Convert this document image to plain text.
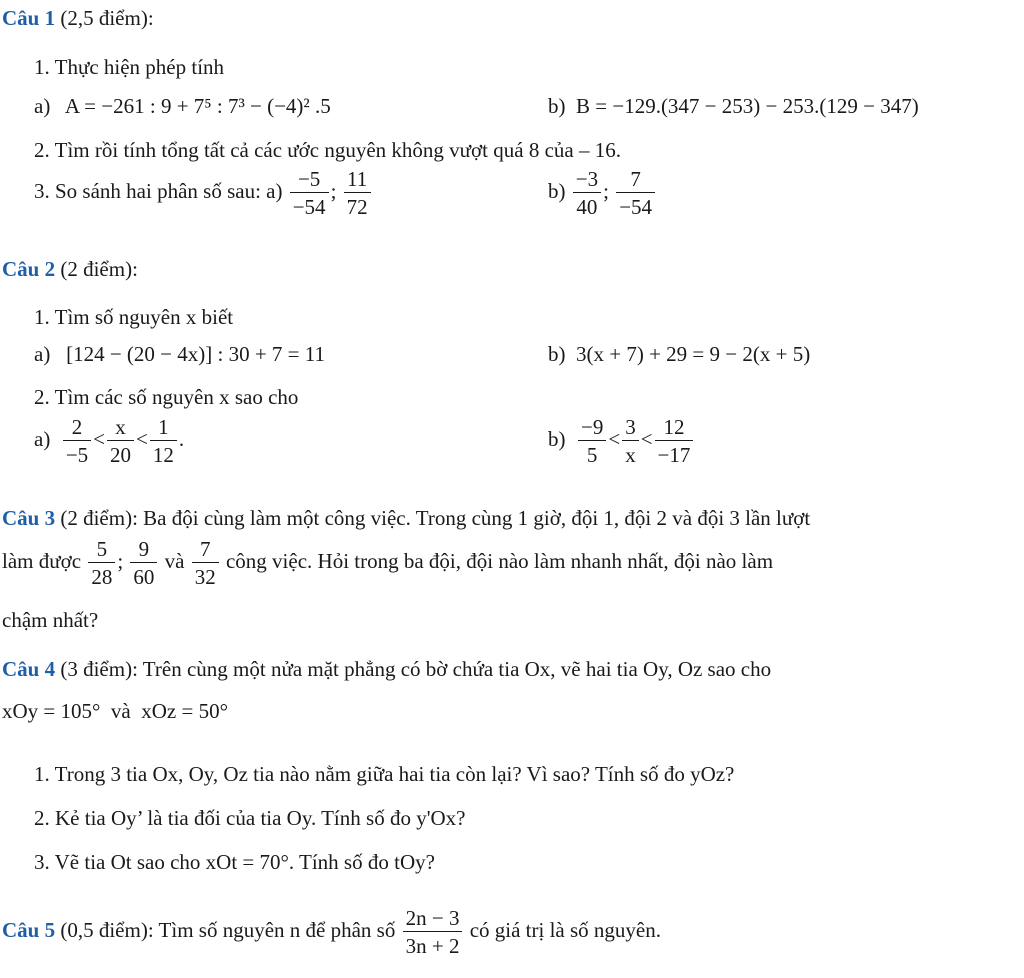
Câu 1 (2,5 điểm):
1. Thực hiện phép tính
a) A = −261 : 9 + 7⁵ : 7³ − (−4)² .5	b) B = −129.(347 − 253) − 253.(129 − 347)
2. Tìm rồi tính tổng tất cả các ước nguyên không vượt quá 8 của – 16.
3. So sánh hai phân số sau: $a) \frac{-5}{-54}$ ; $\frac{11}{72}$	$b) \frac{-3}{40}$ ; $\frac{7}{-54}$
Câu 2 (2 điểm):
1. Tìm số nguyên x biết
a) [124 − (20 − 4x)] : 30 + 7 = 11	b) 3(x + 7) + 29 = 9 − 2(x + 5)
2. Tìm các số nguyên x sao cho
$a) \frac{2}{-5} < \frac{x}{20} < \frac{1}{12}$ .	$b) \frac{-9}{5} < \frac{3}{x} < \frac{12}{-17}$
Câu 3 (2 điểm): Ba đội cùng làm một công việc. Trong cùng 1 giờ, đội 1, đội 2 và đội 3 lần lượt
làm được $\frac{5}{28}$ ; $\frac{9}{60}$ và $\frac{7}{32}$ công việc. Hỏi trong ba đội, đội nào làm nhanh nhất, đội nào làm
chậm nhất?
Câu 4 (3 điểm): Trên cùng một nửa mặt phẳng có bờ chứa tia Ox, vẽ hai tia Oy, Oz sao cho
xOy = 105° và xOz = 50°
1. Trong 3 tia Ox, Oy, Oz tia nào nằm giữa hai tia còn lại? Vì sao? Tính số đo yOz?
2. Kẻ tia Oy’ là tia đối của tia Oy. Tính số đo y'Ox?
3. Vẽ tia Ot sao cho xOt = 70°. Tính số đo tOy?
Câu 5 (0,5 điểm): Tìm số nguyên n để phân số $\frac{2n - 3}{3n + 2}$ có giá trị là số nguyên.
